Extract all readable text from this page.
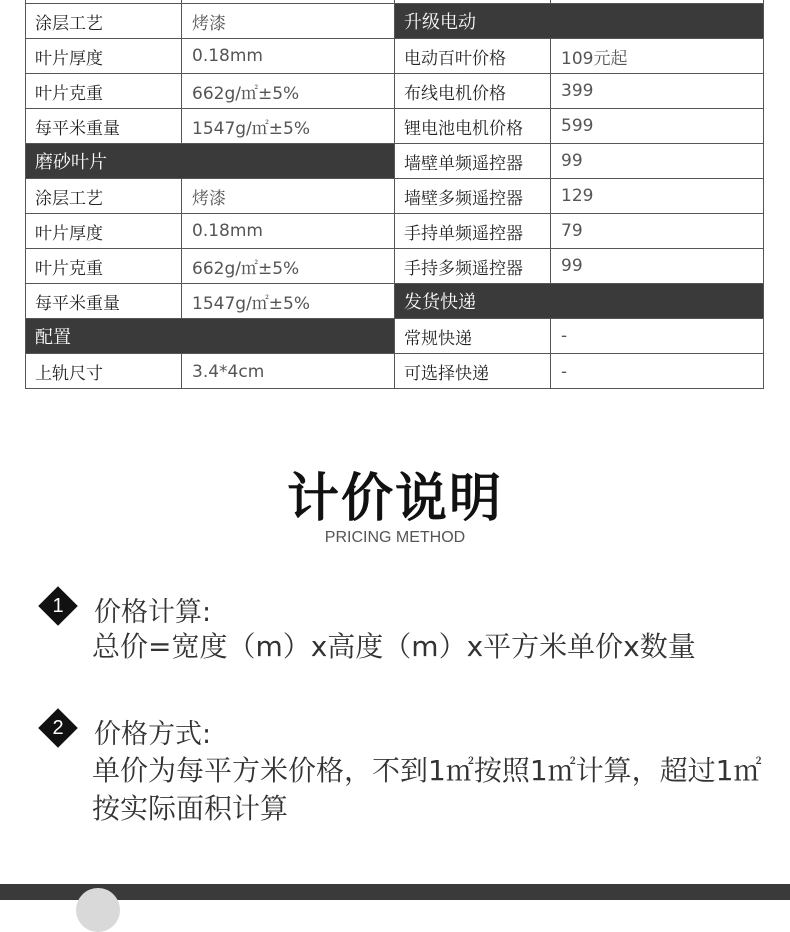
涂层工艺	烤漆
叶片厚度	0.18mm
叶片克重	662g/㎡±5%
每平米重量	1547g/㎡±5%
磨砂叶片
涂层工艺	烤漆
叶片厚度	0.18mm
叶片克重	662g/㎡±5%
每平米重量	1547g/㎡±5%
配置
上轨尺寸	3.4*4cm
升级电动
电动百叶价格	109元起
布线电机价格	399
锂电池电机价格	599
墙壁单频遥控器	99
墙壁多频遥控器	129
手持单频遥控器	79
手持多频遥控器	99
发货快递
常规快递	-
可选择快递	-
计价说明
PRICING METHOD
1	价格计算:
总价=宽度（m）x高度（m）x平方米单价x数量
2	价格方式:
单价为每平方米价格，不到1㎡按照1㎡计算，超过1㎡按实际面积计算
